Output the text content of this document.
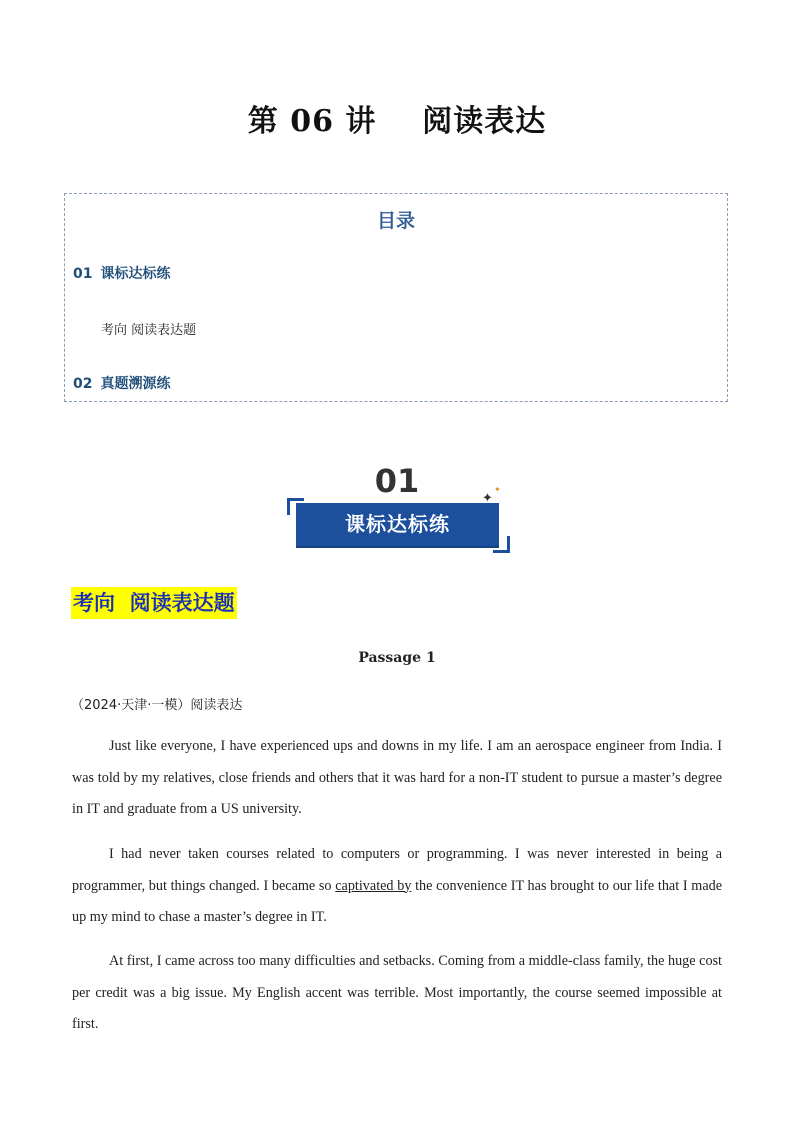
第 06 讲    阅读表达
目录
01 课标达标练
考向 阅读表达题
02 真题溯源练
01
课标达标练
✦
✦
考向  阅读表达题
Passage 1
（2024·天津·一模）阅读表达
Just like everyone, I have experienced ups and downs in my life. I am an aerospace engineer from India. I was told by my relatives, close friends and others that it was hard for a non-IT student to pursue a master’s degree in IT and graduate from a US university.
I had never taken courses related to computers or programming. I was never interested in being a programmer, but things changed. I became so captivated by the convenience IT has brought to our life that I made up my mind to chase a master’s degree in IT.
At first, I came across too many difficulties and setbacks. Coming from a middle-class family, the huge cost per credit was a big issue. My English accent was terrible. Most importantly, the course seemed impossible at first.
